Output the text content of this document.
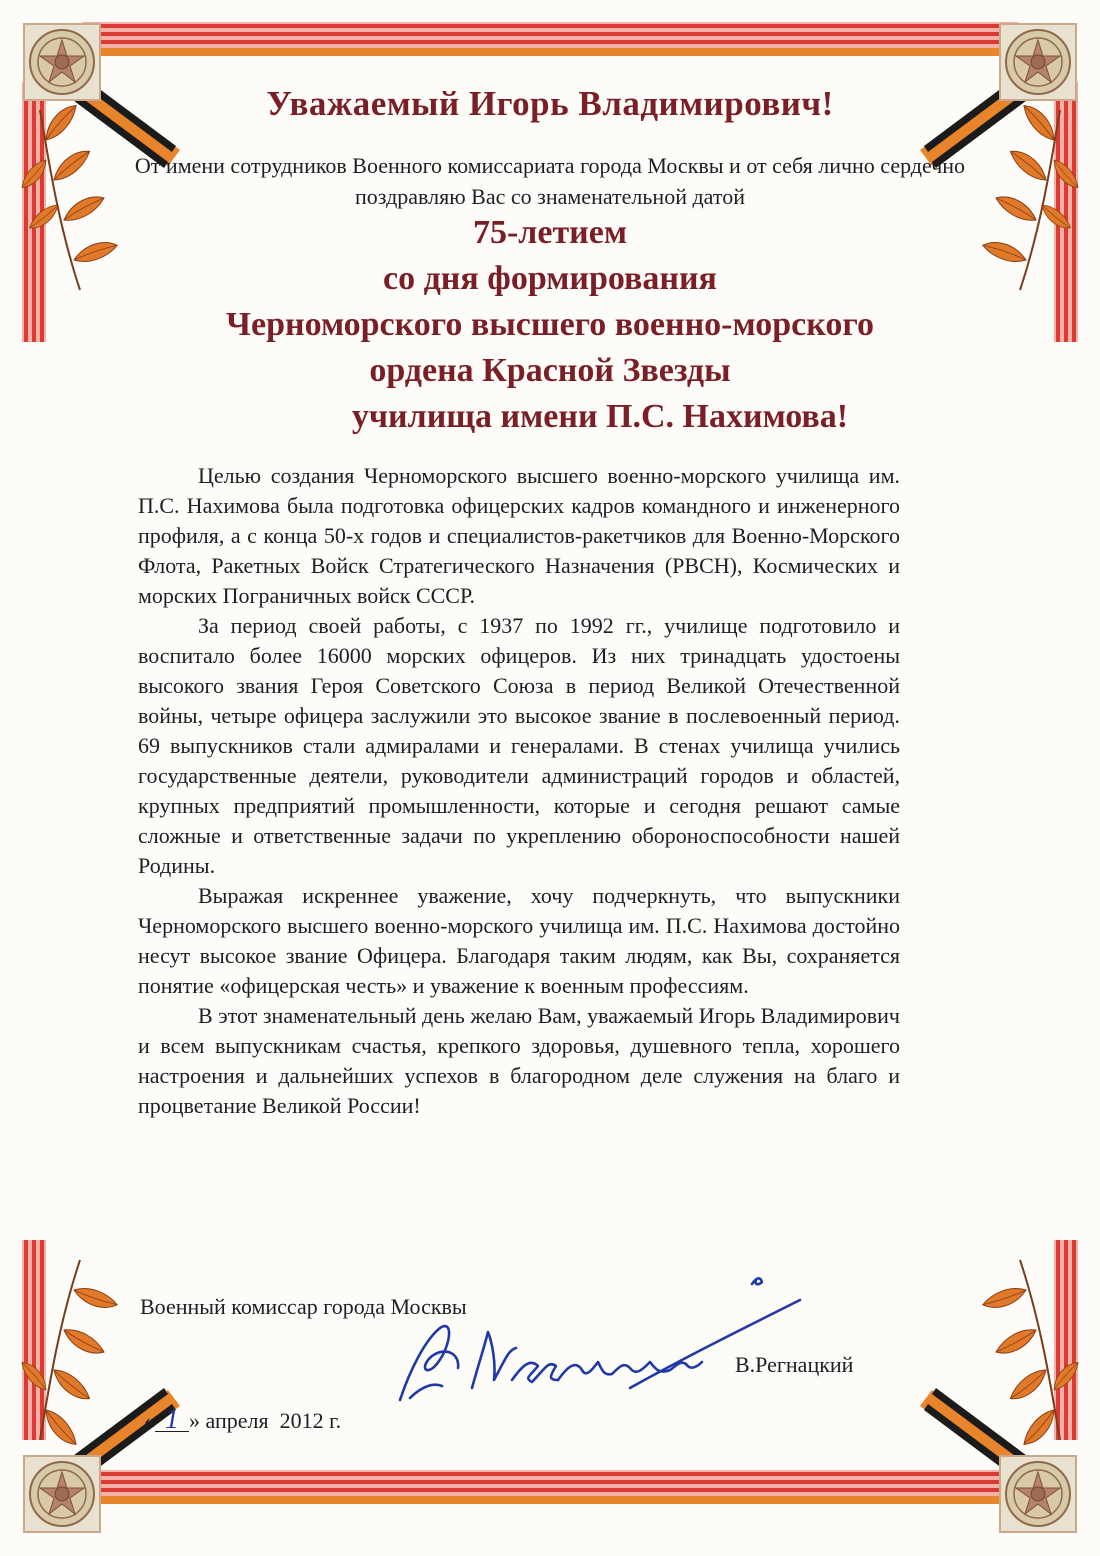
Уважаемый Игорь Владимирович!

От имени сотрудников Военного комиссариата города Москвы и от себя лично сердечно поздравляю Вас со знаменательной датой

75-летием
со дня формирования
Черноморского высшего военно-морского
ордена Красной Звезды
училища имени П.С. Нахимова!

Целью создания Черноморского высшего военно-морского училища им. П.С. Нахимова была подготовка офицерских кадров командного и инженерного профиля, а с конца 50-х годов и специалистов-ракетчиков для Военно-Морского Флота, Ракетных Войск Стратегического Назначения (РВСН), Космических и морских Пограничных войск СССР.

За период своей работы, с 1937 по 1992 гг., училище подготовило и воспитало более 16000 морских офицеров. Из них тринадцать удостоены высокого звания Героя Советского Союза в период Великой Отечественной войны, четыре офицера заслужили это высокое звание в послевоенный период. 69 выпускников стали адмиралами и генералами. В стенах училища учились государственные деятели, руководители администраций городов и областей, крупных предприятий промышленности, которые и сегодня решают самые сложные и ответственные задачи по укреплению обороноспособности нашей Родины.

Выражая искреннее уважение, хочу подчеркнуть, что выпускники Черноморского высшего военно-морского училища им. П.С. Нахимова достойно несут высокое звание Офицера. Благодаря таким людям, как Вы, сохраняется понятие «офицерская честь» и уважение к военным профессиям.

В этот знаменательный день желаю Вам, уважаемый Игорь Владимирович и всем выпускникам счастья, крепкого здоровья, душевного тепла, хорошего настроения и дальнейших успехов в благородном деле служения на благо и процветание Великой России!

Военный комиссар города Москвы

В.Регнацкий

« 1 » апреля  2012 г.
